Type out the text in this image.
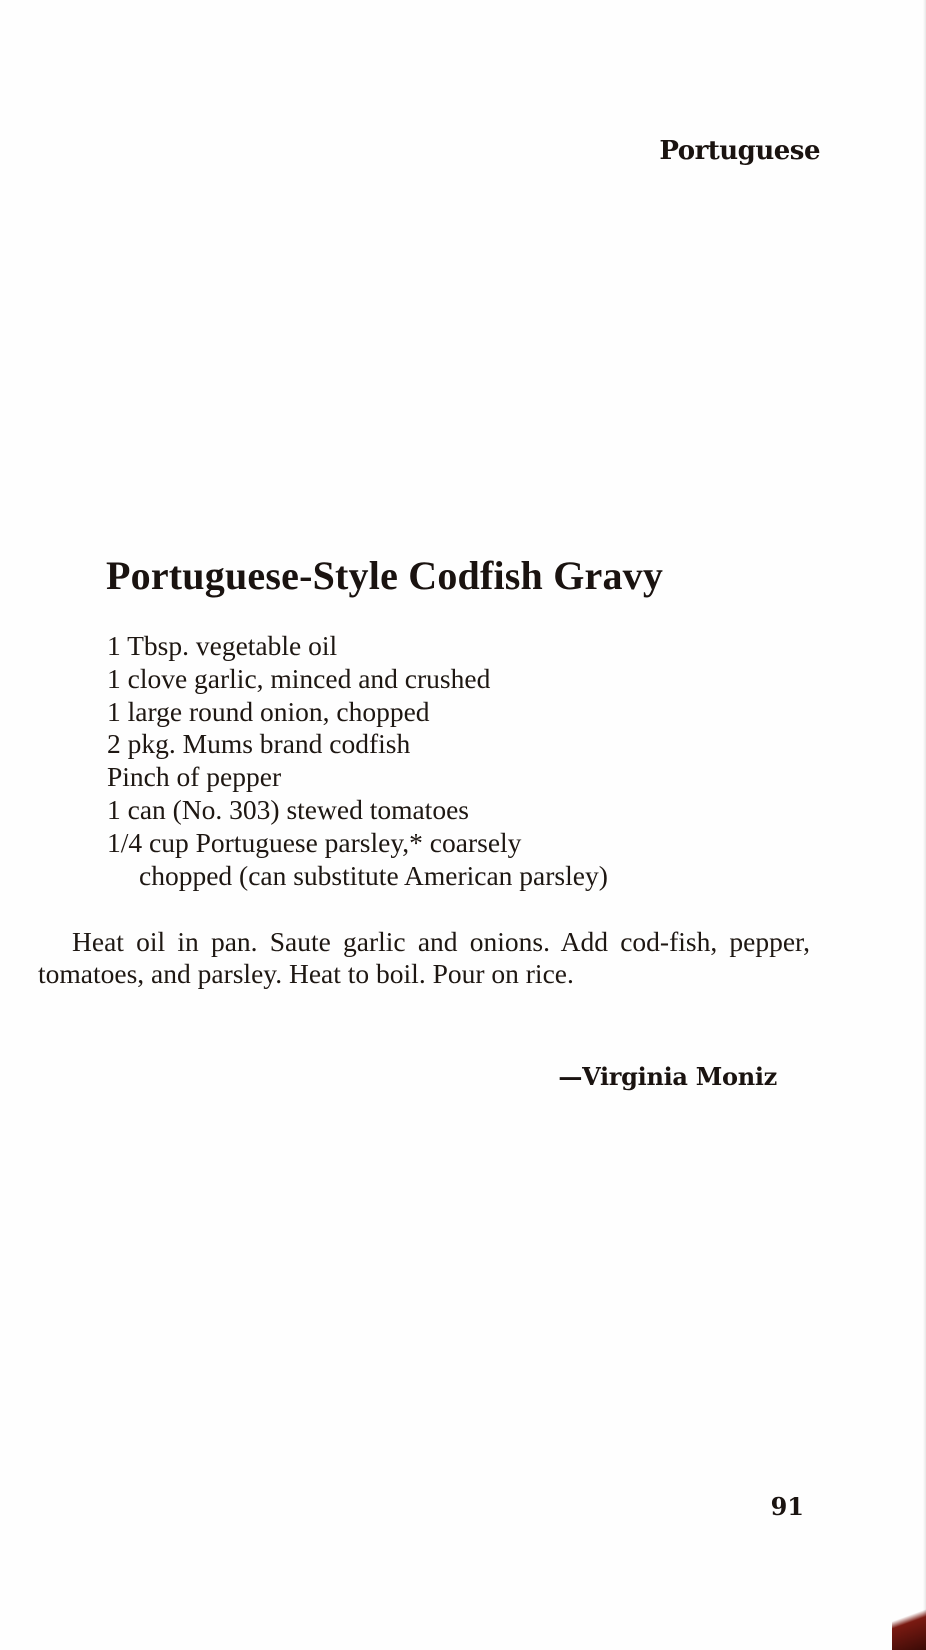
Portuguese
Portuguese-Style Codfish Gravy
1 Tbsp. vegetable oil
1 clove garlic, minced and crushed
1 large round onion, chopped
2 pkg. Mums brand codfish
Pinch of pepper
1 can (No. 303) stewed tomatoes
1/4 cup Portuguese parsley,* coarsely
chopped (can substitute American parsley)

Heat oil in pan. Saute garlic and onions. Add cod-fish, pepper, tomatoes, and parsley. Heat to boil. Pour on rice.

—Virginia Moniz
91
